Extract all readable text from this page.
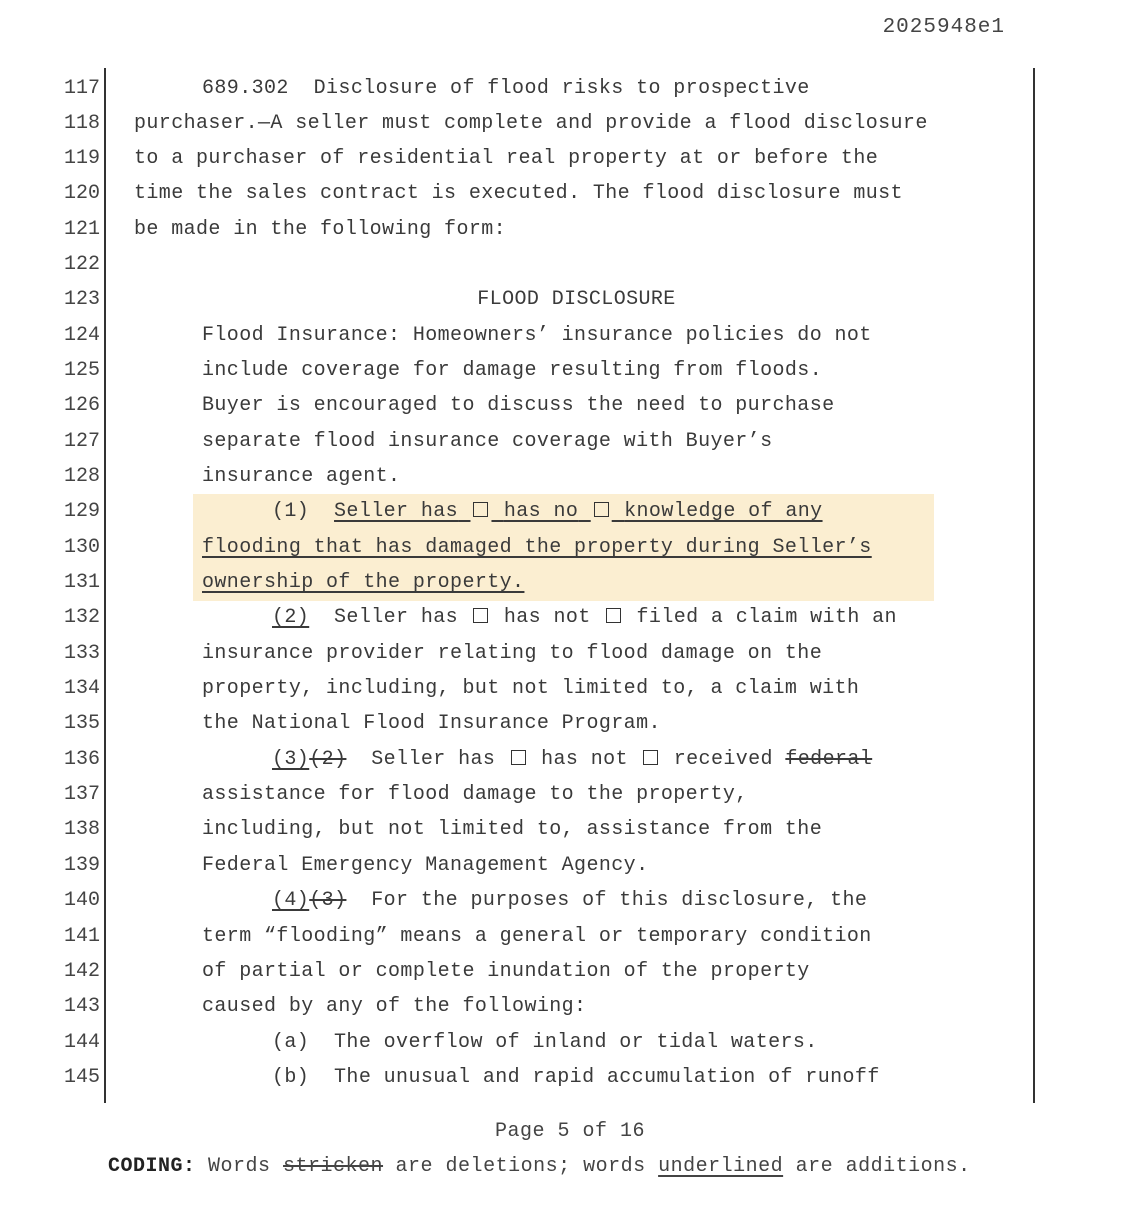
2025948e1
117	689.302  Disclosure of flood risks to prospective
118 purchaser.—A seller must complete and provide a flood disclosure
119 to a purchaser of residential real property at or before the
120 time the sales contract is executed. The flood disclosure must
121 be made in the following form:
122
123	FLOOD DISCLOSURE
124	Flood Insurance: Homeowners’ insurance policies do not
125	include coverage for damage resulting from floods.
126	Buyer is encouraged to discuss the need to purchase
127	separate flood insurance coverage with Buyer’s
128	insurance agent.
129	(1) Seller has has no knowledge of any
130	flooding that has damaged the property during Seller’s
131	ownership of the property.
132	(2) Seller has has not filed a claim with an
133	insurance provider relating to flood damage on the
134	property, including, but not limited to, a claim with
135	the National Flood Insurance Program.
136	(3)(2) Seller has has not received federal
137	assistance for flood damage to the property,
138	including, but not limited to, assistance from the
139	Federal Emergency Management Agency.
140	(4)(3) For the purposes of this disclosure, the
141	term “flooding” means a general or temporary condition
142	of partial or complete inundation of the property
143	caused by any of the following:
144	(a) The overflow of inland or tidal waters.
145	(b) The unusual and rapid accumulation of runoff
Page 5 of 16
CODING: Words stricken are deletions; words underlined are additions.
